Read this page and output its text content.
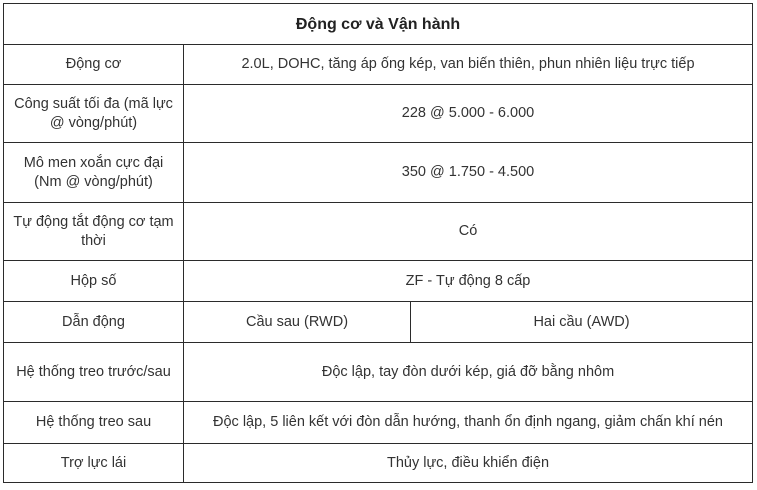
Động cơ và Vận hành		
Động cơ	2.0L, DOHC, tăng áp ống kép, van biến thiên, phun nhiên liệu trực tiếp	
Công suất tối đa (mã lực @ vòng/phút)	228 @ 5.000 - 6.000	
Mô men xoắn cực đại (Nm @ vòng/phút)	350 @ 1.750 - 4.500	
Tự động tắt động cơ tạm thời	Có	
Hộp số	ZF - Tự động 8 cấp	
Dẫn động	Cầu sau (RWD)	Hai cầu (AWD)
Hệ thống treo trước/sau	Độc lập, tay đòn dưới kép, giá đỡ bằng nhôm	
Hệ thống treo sau	Độc lập, 5 liên kết với đòn dẫn hướng, thanh ổn định ngang, giảm chấn khí nén	
Trợ lực lái	Thủy lực, điều khiển điện	
